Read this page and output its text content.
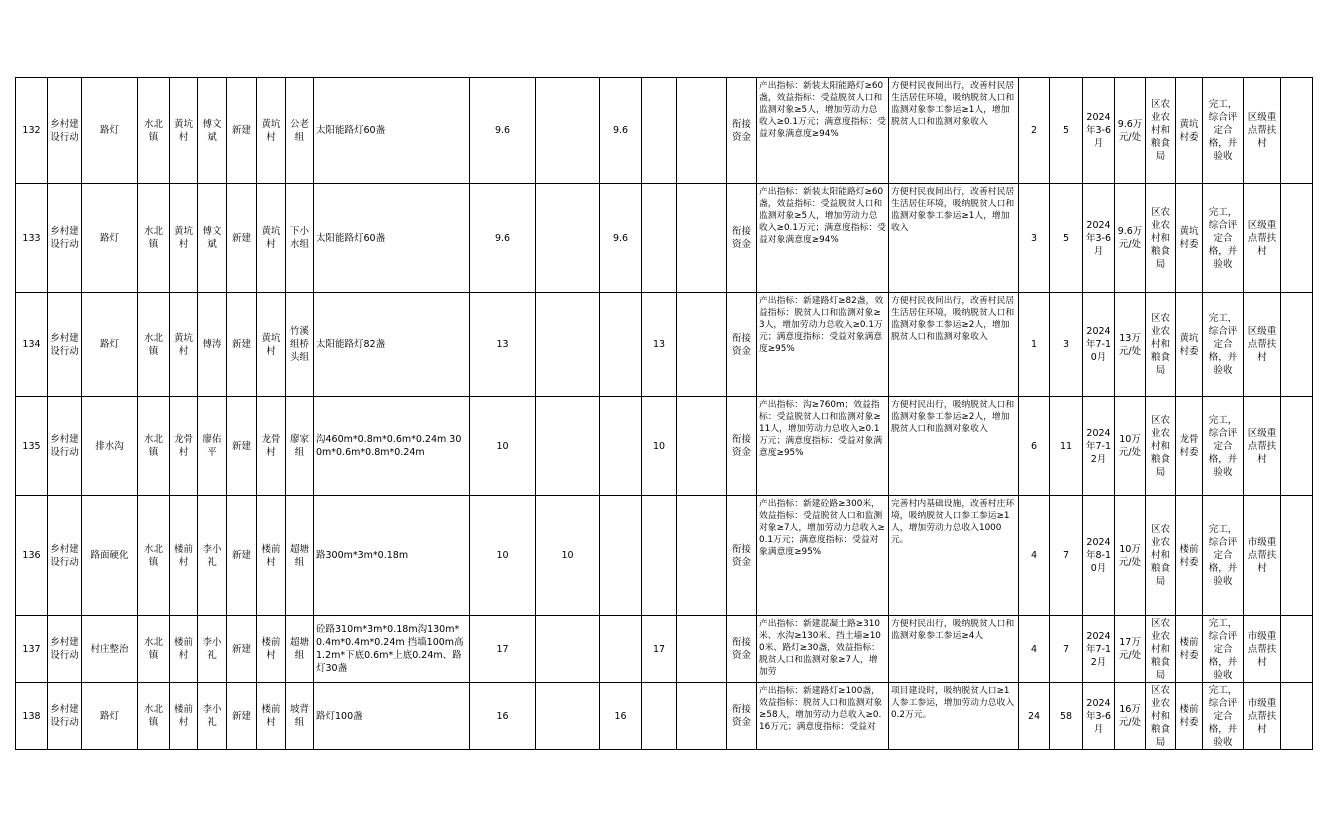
132	乡村建设行动	路灯	水北镇	黄坑村	傅文斌	新建	黄坑村	公老组	太阳能路灯60盏	9.6		9.6			衔接资金	产出指标：新装太阳能路灯≥60盏，效益指标：受益脱贫人口和监测对象≥5人，增加劳动力总收入≥0.1万元；满意度指标：受益对象满意度≥94%	方便村民夜间出行，改善村民居生活居住环境，吸纳脱贫人口和监测对象参工参运≥1人，增加脱贫人口和监测对象收入	2	5	2024年3-6月	9.6万元/处	区农业农村和粮食局	黄坑村委	完工，综合评定合格，并验收	区级重点帮扶村	
133	乡村建设行动	路灯	水北镇	黄坑村	傅文斌	新建	黄坑村	下小水组	太阳能路灯60盏	9.6		9.6			衔接资金	产出指标：新装太阳能路灯≥60盏，效益指标：受益脱贫人口和监测对象≥5人，增加劳动力总收入≥0.1万元；满意度指标：受益对象满意度≥94%	方便村民夜间出行，改善村民居生活居住环境，吸纳脱贫人口和监测对象参工参运≥1人，增加收入	3	5	2024年3-6月	9.6万元/处	区农业农村和粮食局	黄坑村委	完工，综合评定合格，并验收	区级重点帮扶村	
134	乡村建设行动	路灯	水北镇	黄坑村	傅涛	新建	黄坑村	竹溪组桥头组	太阳能路灯82盏	13			13		衔接资金	产出指标：新建路灯≥82盏，效益指标：脱贫人口和监测对象≥3人，增加劳动力总收入≥0.1万元；满意度指标：受益对象满意度≥95%	方便村民夜间出行，改善村民居生活居住环境，吸纳脱贫人口和监测对象参工参运≥2人，增加脱贫人口和监测对象收入	1	3	2024年7-10月	13万元/处	区农业农村和粮食局	黄坑村委	完工，综合评定合格，并验收	区级重点帮扶村	
135	乡村建设行动	排水沟	水北镇	龙骨村	廖佑平	新建	龙骨村	廖家组	沟460m*0.8m*0.6m*0.24m 300m*0.6m*0.8m*0.24m	10			10		衔接资金	产出指标：沟≥760m；效益指标：受益脱贫人口和监测对象≥11人，增加劳动力总收入≥0.1万元；满意度指标：受益对象满意度≥95%	方便村民出行，吸纳脱贫人口和监测对象参工参运≥2人，增加脱贫人口和监测对象收入	6	11	2024年7-12月	10万元/处	区农业农村和粮食局	龙骨村委	完工，综合评定合格，并验收	区级重点帮扶村	
136	乡村建设行动	路面硬化	水北镇	楼前村	李小礼	新建	楼前村	超塘组	路300m*3m*0.18m	10	10				衔接资金	产出指标：新建砼路≥300米，效益指标：受益脱贫人口和监测对象≥7人，增加劳动力总收入≥0.1万元；满意度指标：受益对象满意度≥95%	完善村内基础设施，改善村庄环境，吸纳脱贫人口参工参运≥1人，增加劳动力总收入1000元。	4	7	2024年8-10月	10万元/处	区农业农村和粮食局	楼前村委	完工，综合评定合格，并验收	市级重点帮扶村	
137	乡村建设行动	村庄整治	水北镇	楼前村	李小礼	新建	楼前村	超塘组	砼路310m*3m*0.18m沟130m*0.4m*0.4m*0.24m 挡墙100m高1.2m*下底0.6m*上底0.24m、路灯30盏	17			17		衔接资金	产出指标：新建混凝土路≥310米、水沟≥130米、挡土墙≥100米、路灯≥30盏，效益指标：脱贫人口和监测对象≥7人，增加劳	方便村民出行，吸纳脱贫人口和监测对象参工参运≥4人	4	7	2024年7-12月	17万元/处	区农业农村和粮食局	楼前村委	完工，综合评定合格，并验收	市级重点帮扶村	
138	乡村建设行动	路灯	水北镇	楼前村	李小礼	新建	楼前村	坡背组	路灯100盏	16		16			衔接资金	产出指标：新建路灯≥100盏，效益指标：脱贫人口和监测对象≥58人，增加劳动力总收入≥0.16万元；满意度指标：受益对	项目建设时，吸纳脱贫人口≥1人参工参运，增加劳动力总收入0.2万元。	24	58	2024年3-6月	16万元/处	区农业农村和粮食局	楼前村委	完工，综合评定合格，并验收	市级重点帮扶村	
